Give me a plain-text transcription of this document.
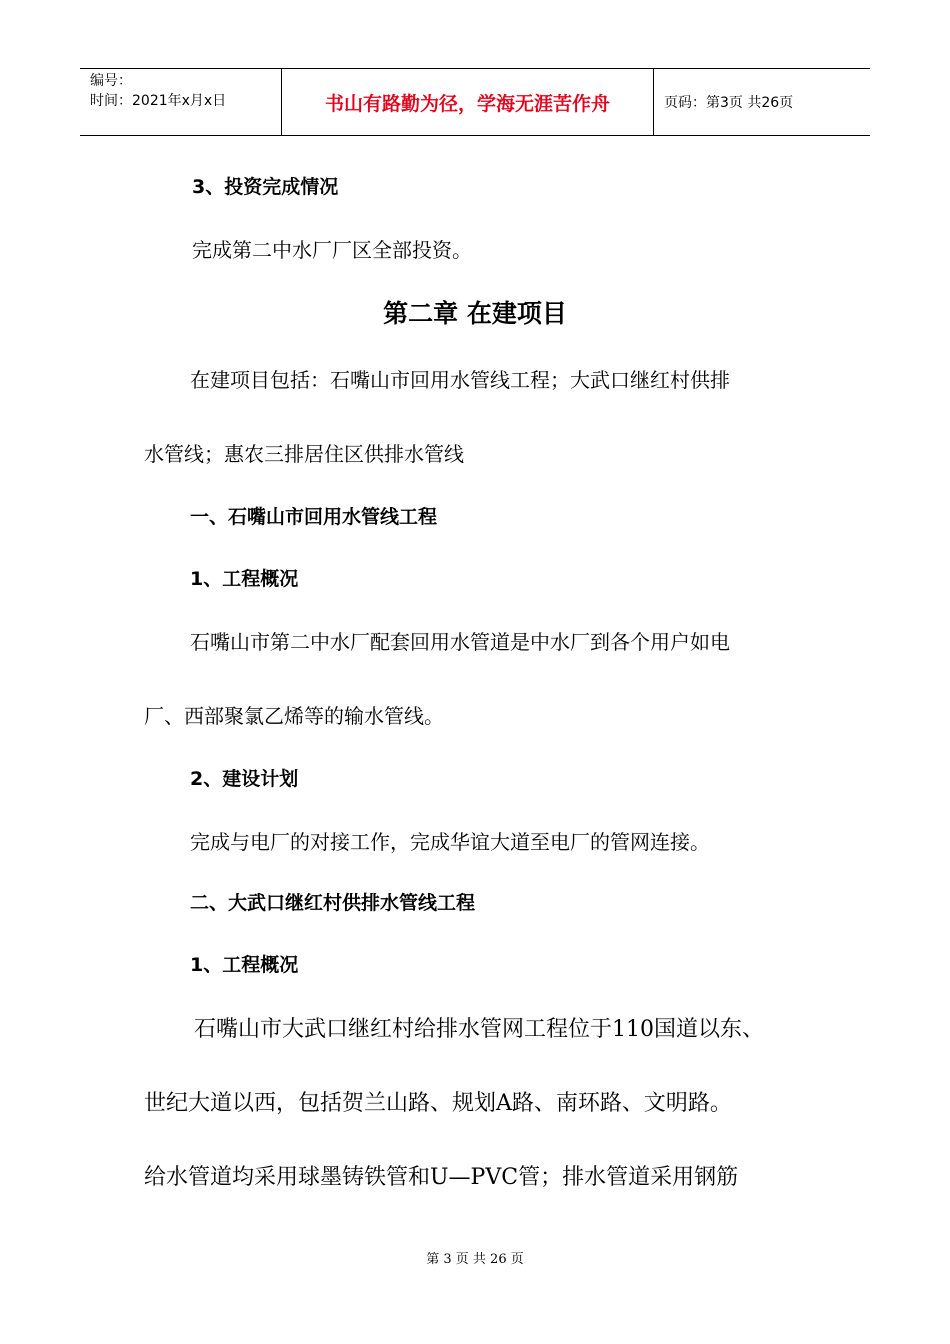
编号：
时间：2021年x月x日	书山有路勤为径，学海无涯苦作舟	页码：第3页 共26页
3、投资完成情况
完成第二中水厂厂区全部投资。
第二章 在建项目
在建项目包括：石嘴山市回用水管线工程；大武口继红村供排
水管线；惠农三排居住区供排水管线
一、石嘴山市回用水管线工程
1、工程概况
石嘴山市第二中水厂配套回用水管道是中水厂到各个用户如电
厂、西部聚氯乙烯等的输水管线。
2、建设计划
完成与电厂的对接工作，完成华谊大道至电厂的管网连接。
二、大武口继红村供排水管线工程
1、工程概况
石嘴山市大武口继红村给排水管网工程位于110国道以东、
世纪大道以西，包括贺兰山路、规划A路、南环路、文明路。
给水管道均采用球墨铸铁管和U—PVC管；排水管道采用钢筋
第 3 页 共 26 页
